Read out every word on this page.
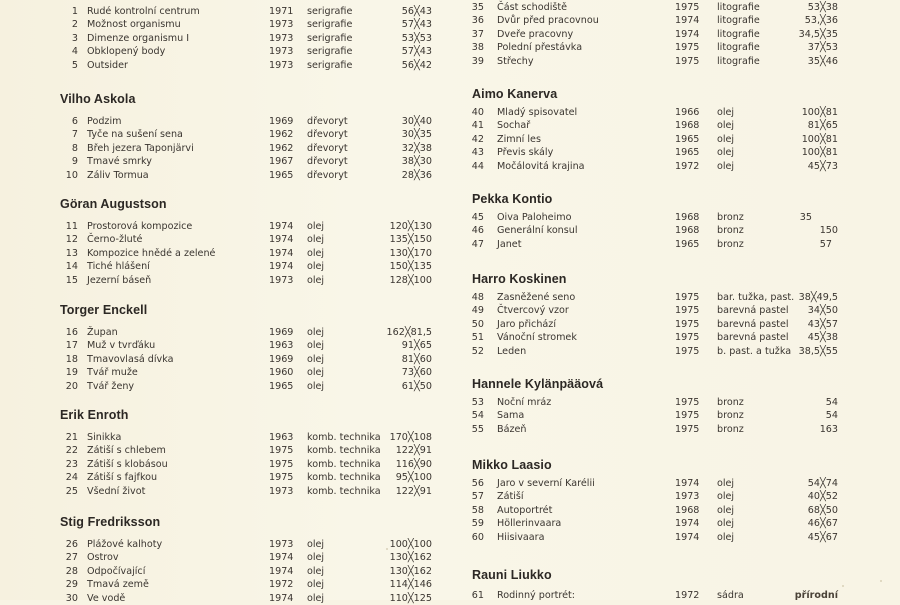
1 Rudé kontrolní centrum	1971 serigrafie	56╳43
2 Možnost organismu	1973 serigrafie	57╳43
3 Dimenze organismu I	1973 serigrafie	53╳53
4 Obklopený body	1973 serigrafie	57╳43
5 Outsider	1973 serigrafie	56╳42
Vilho Askola
6 Podzim	1969 dřevoryt	30╳40
7 Tyče na sušení sena	1962 dřevoryt	30╳35
8 Břeh jezera Taponjärvi	1962 dřevoryt	32╳38
9 Tmavé smrky	1967 dřevoryt	38╳30
10 Záliv Tormua	1965 dřevoryt	28╳36
Göran Augustson
11 Prostorová kompozice	1974 olej	120╳130
12 Černo-žluté	1974 olej	135╳150
13 Kompozice hnědé a zelené	1974 olej	130╳170
14 Tiché hlášení	1974 olej	150╳135
15 Jezerní báseň	1973 olej	128╳100
Torger Enckell
16 Župan	1969 olej	162╳81,5
17 Muž v tvrďáku	1963 olej	91╳65
18 Tmavovlasá dívka	1969 olej	81╳60
19 Tvář muže	1960 olej	73╳60
20 Tvář ženy	1965 olej	61╳50
Erik Enroth
21 Sinikka	1963 komb. technika 170╳108
22 Zátiší s chlebem	1975 komb. technika 122╳91
23 Zátiší s klobásou	1975 komb. technika 116╳90
24 Zátiší s fajfkou	1975 komb. technika 95╳100
25 Všední život	1973 komb. technika 122╳91
Stig Fredriksson
26 Plážové kalhoty	1973 olej	100╳100
27 Ostrov	1974 olej	130╳162
28 Odpočívající	1974 olej	130╳162
29 Tmavá země	1972 olej	114╳146
30 Ve vodě	1974 olej	110╳125
35 Část schodiště	1975 litografie	53╳38
36 Dvůr před pracovnou	1974 litografie	53,╳36
37 Dveře pracovny	1974 litografie	34,5╳35
38 Polední přestávka	1975 litografie	37╳53
39 Střechy	1975 litografie	35╳46
Aimo Kanerva
40 Mladý spisovatel	1966 olej	100╳81
41 Sochař	1968 olej	81╳65
42 Zimní les	1965 olej	100╳81
43 Převis skály	1965 olej	100╳81
44 Močálovitá krajina	1972 olej	45╳73
Pekka Kontio
45 Oiva Paloheimo	1968 bronz	35
46 Generální konsul	1968 bronz	150
47 Janet	1965 bronz	57
Harro Koskinen
48 Zasněžené seno	1975 bar. tužka, past. 38╳49,5
49 Čtvercový vzor	1975 barevná pastel 34╳50
50 Jaro přichází	1975 barevná pastel 43╳57
51 Vánoční stromek	1975 barevná pastel 45╳38
52 Leden	1975 b. past. a tužka 38,5╳55
Hannele Kylänpääová
53 Noční mráz	1975 bronz	54
54 Sama	1975 bronz	54
55 Bázeň	1975 bronz	163
Mikko Laasio
56 Jaro v severní Karélii	1974 olej	54╳74
57 Zátiší	1973 olej	40╳52
58 Autoportrét	1968 olej	68╳50
59 Höllerinvaara	1974 olej	46╳67
60 Hiisivaara	1974 olej	45╳67
Rauni Liukko
61 Rodinný portrét:	1972 sádra	přírodní
